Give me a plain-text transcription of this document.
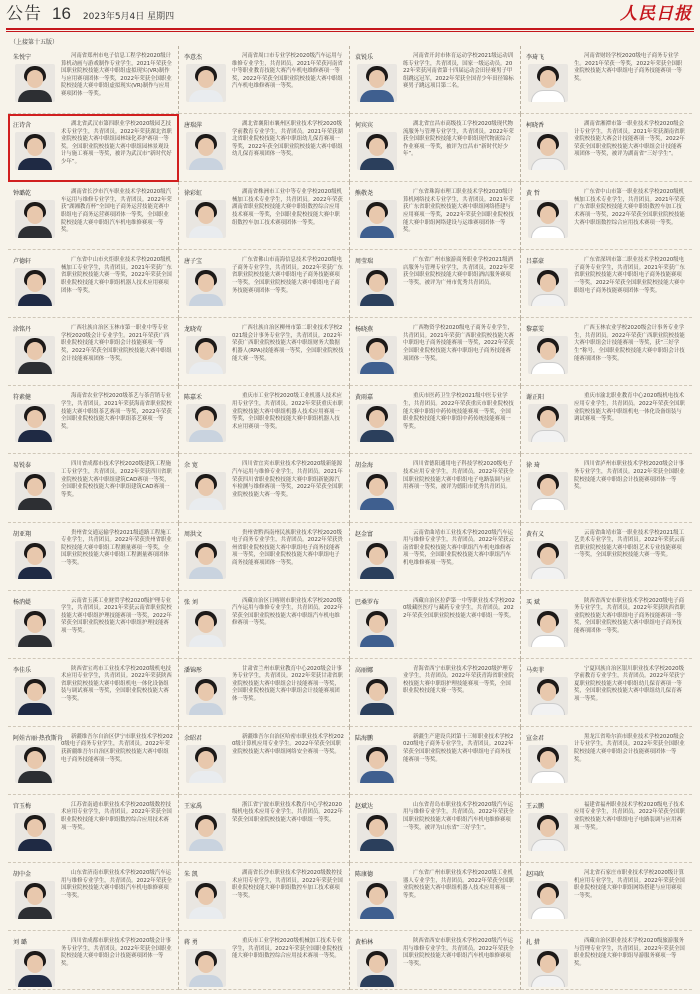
公告 16 2023年5月4日 星期四	人民日报
（上接第十五版）
朱悦宁	河南省郑州市电子信息工程学校2020级计算机动画与游戏制作专业学生，2021年荣获全国职业院校技能大赛中职组虚拟现实(VR)制作与应用赛项团体一等奖，2022年荣获全国职业院校技能大赛中职组虚拟现实(VR)制作与应用赛项团体一等奖。
李意杰	河南省周口市专业学校2020级汽车运用与维修专业学生，共青团员。2021年荣获河南省中等职业教育技能大赛汽车机电维修赛项一等奖，2022年荣获全国职业院校技能大赛中职组汽车机电维修赛项一等奖。
袁锐乐	河南省开封市体育运动学校2021级运动训练专业学生，共青团员，国家一级运动员。2022年荣获河南省第十四届运动会田径赛男子甲组跳远冠军，2022年荣获全国青少年田径锦标赛男子跳远项目第二名。
李琦飞	河南省财经学校2020级电子商务专业学生。2021年荣获一等奖，2022年荣获全国职业院校技能大赛中职组电子商务技能赛项一等奖。
汪诗含	湖北省武汉市第四职业学校2020级园艺技术专业学生，共青团员。2022年荣获湖北省职业院校技能大赛中职组园林绿化养护赛项一等奖。全国职业院校技能大赛中职组园林景观设计与施工赛项一等奖，被评为武汉市“新时代好少年”。
唐瑞萍	湖北省襄阳市襄州区职业技术学校2020级学前教育专业学生，共青团员。2021年荣获湖北省职业院校技能大赛中职组幼儿保育赛项一等奖，2022年获全国职业院校技能大赛中职组幼儿保育赛项团体一等奖。
何宾宾	湖北省宜昌市高级技工学校2020级现代物流服务与管理专业学生，共青团员。2022年荣获全国职业院校技能大赛中职组现代物流综合作业赛项一等奖，被评为宜昌市“新时代好少年”。
柯晓香	湖南省湘潭市第一职业技术学校2020级会计专业学生，共青团员。2021年荣获湖南省职业院校技能大赛会计技能赛项一等奖，2022年荣获全国职业院校技能大赛中职组会计技能赛项团体一等奖，被评为湖南省“三好学生”。
钟璐乾	湖南省长沙市汽车职业技术学校2020级汽车运用与维修专业学生，共青团员。2022年荣获“湖湘教育杯”全国电子商务运营技能竞赛中职组电子商务运营赛项团体一等奖，全国职业院校技能大赛中职组汽车机电维修赛项一等奖。
徐彩虹	湖南省株洲市工业中等专业学校2020级机械加工技术专业学生，共青团员。2022年荣获湖南省职业院校技能大赛中职组数控综合应用技术赛项一等奖，全国职业院校技能大赛中职组数控车加工技术赛项团体一等奖。
熊敬尧	广东省珠海市理工职业技术学校2020级计算机网络技术专业学生，共青团员。2021年荣获广东省职业院校技能大赛中职组网络搭建与应用赛项一等奖，2022年荣获全国职业院校技能大赛中职组网络建设与运维赛项团体一等奖。
黄 哲	广东省中山市第一职业技术学校2020级机械加工技术专业学生，共青团员。2021年荣获广东省职业院校技能大赛中职组数控车加工技术赛项一等奖，2022年荣获全国职业院校技能大赛中职组数控综合应用技术赛项一等奖。
卢德轩	广东省中山市火炬职业技术学校2020级机械加工专业学生，共青团员。2021年荣获广东省职业院校技能大赛一等奖，2022年荣获全国职业院校技能大赛中职组机器人技术应用赛项团体一等奖。
唐子宝	广东省佛山市南海信息技术学校2020级电子商务专业学生，共青团员。2022年荣获广东省职业院校技能大赛中职组电子商务技能赛项一等奖，全国职业院校技能大赛中职组电子商务技能赛项团体一等奖。
周莹瑞	广东省广州市旅游商务职业学校2021级酒店服务与管理专业学生，共青团员。2022年荣获全国职业院校技能大赛中职组酒店服务赛项一等奖，被评为广州市优秀共青团员。
吕嘉豪	广东省深圳市第二职业技术学校2020级电子商务专业学生，共青团员。2021年荣获广东省职业院校技能大赛中职组电子商务技能赛项一等奖，2022年荣获全国职业院校技能大赛中职组电子商务技能赛项团体一等奖。
涂铭丹	广西壮族自治区玉林市第一职业中等专业学校2020级会计专业学生。2021年荣获广西职业院校技能大赛中职组会计技能赛项一等奖，2022年荣获全国职业院校技能大赛中职组会计技能赛项团体一等奖。
龙晓莺	广西壮族自治区柳州市第二职业技术学校2021级会计事务专业学生，共青团员。2022年荣获广西职业院校技能大赛中职组财务大数据机器人(RPA)技能赛项一等奖，全国职业院校技能大赛一等奖。
杨晓燕	广西物资学校2020级电子商务专业学生，共青团员。2021年荣获广西职业院校技能大赛中职组电子商务技能赛项一等奖，2022年荣获全国职业院校技能大赛中职组电子商务技能赛项团体一等奖。
黎嘉雯	广西玉林农业学校2020级会计事务专业学生，共青团员。2022年荣获广西职业院校技能大赛中职组会计技能赛项一等奖，获“三好学生”称号，全国职业院校技能大赛中职组会计技能赛项团体一等奖。
符素健	海南省农业学校2020级茶艺与茶营销专业学生，共青团员。2021年荣获海南省职业院校技能大赛中职组茶艺赛项一等奖，2022年荣获全国职业院校技能大赛中职组茶艺赛项一等奖。
陈嘉禾	重庆市工业学校2020级工业机器人技术应用专业学生，共青团员。2022年荣获重庆市职业院校技能大赛中职组机器人技术应用赛项一等奖，全国职业院校技能大赛中职组机器人技术应用赛项一等奖。
黄雨嘉	重庆市医药卫生学校2021级中医专业学生，共青团员。2022年荣获重庆市职业院校技能大赛中职组中药传统技能赛项一等奖，全国职业院校技能大赛中职组中药传统技能赛项一等奖。
谢正阳	重庆市渝北职业教育中心2020级机电技术应用专业学生，共青团员。2022年荣获全国职业院校技能大赛中职组机电一体化设备组装与调试赛项一等奖。
易锐泰	四川省成都市技术学校2020级建筑工程施工专业学生，共青团员。2022年荣获四川省职业院校技能大赛中职组建筑CAD赛项一等奖，全国职业院校技能大赛中职组建筑CAD赛项一等奖。
余 宽	四川省宜宾市职业技术学校2020级新能源汽车运用与维修专业学生，共青团员。2021年荣获四川省职业院校技能大赛中职组新能源汽车检测与维修赛项一等奖，2022年荣获全国职业院校技能大赛一等奖。
胡金海	四川省德阳通用电子科技学校2020级电子技术应用专业学生，共青团员。2022年荣获全国职业院校技能大赛中职组电子电路装调与应用赛项一等奖，被评为德阳市优秀共青团员。
徐 琦	四川省泸州市职业技术学校2020级会计事务专业学生，共青团员。2022年荣获全国职业院校技能大赛中职组会计技能赛项团体一等奖。
胡亚翔	贵州省交通运输学校2021级道路工程施工专业学生，共青团员。2022年荣获贵州省职业院校技能大赛中职组工程测量赛项一等奖，全国职业院校技能大赛中职组工程测量赛项团体一等奖。
周洪文	贵州省黔西南州民族职业技术学校2020级电子商务专业学生，共青团员。2022年荣获贵州省职业院校技能大赛中职组电子商务技能赛项一等奖，全国职业院校技能大赛中职组电子商务技能赛项团体一等奖。
赵金富	云南省曲靖市工业技术学校2020级汽车运用与维修专业学生，共青团员。2022年荣获云南省职业院校技能大赛中职组汽车机电维修赛项一等奖，全国职业院校技能大赛中职组汽车机电维修赛项一等奖。
黄有义	云南省曲靖市第一职业技术学校2021级工艺美术专业学生，共青团员。2022年荣获云南省职业院校技能大赛中职组艺术专业技能赛项一等奖，全国职业院校技能大赛一等奖。
杨汭媞	云南省玉溪工业财贸学校2020级护理专业学生，共青团员。2021年荣获云南省职业院校技能大赛中职组护理技能赛项一等奖，2022年荣获全国职业院校技能大赛中职组护理技能赛项一等奖。
张 刘	西藏自治区日喀则市职业技术学校2020级汽车运用与维修专业学生，共青团员。2022年荣获全国职业院校技能大赛中职组汽车机电维修赛项一等奖。
巴桑罗布	西藏自治区拉萨第一中等职业技术学校2020级藏医医疗与藏药专业学生，共青团员。2022年荣获全国职业院校技能大赛中职组一等奖。
买 斌	陕西省西安市职业技术学校2020级电子商务专业学生，共青团员。2022年荣获陕西省职业院校技能大赛中职组电子商务技能赛项一等奖，全国职业院校技能大赛中职组电子商务技能赛项团体一等奖。
李佳乐	陕西省宝鸡市工业技术学校2020级机电技术应用专业学生，共青团员。2022年荣获陕西省职业院校技能大赛中职组机电一体化设备组装与调试赛项一等奖，全国职业院校技能大赛一等奖。
潘锦彤	甘肃省兰州市职业教育中心2020级会计事务专业学生，共青团员。2022年荣获甘肃省职业院校技能大赛中职组会计技能赛项一等奖，全国职业院校技能大赛中职组会计技能赛项团体一等奖。
高丽娜	青海省西宁市职业技术学校2020级护理专业学生，共青团员。2022年荣获青海省职业院校技能大赛中职组护理技能赛项一等奖，全国职业院校技能大赛一等奖。
马奕菲	宁夏回族自治区银川职业技术学校2020级学前教育专业学生，共青团员。2022年荣获宁夏职业院校技能大赛中职组幼儿保育赛项一等奖，全国职业院校技能大赛中职组幼儿保育赛项一等奖。
阿娃古丽·热孜斯肯	新疆维吾尔自治区伊宁市职业技术学校2020级电子商务专业学生，共青团员。2022年荣获新疆维吾尔自治区职业院校技能大赛中职组电子商务技能赛项一等奖。
余昭君	新疆维吾尔自治区哈密市职业技术学校2020级计算机应用专业学生。2022年荣获全国职业院校技能大赛中职组网络安全赛项一等奖。
陆海鹏	新疆生产建设兵团第十三师职业技术学校2020级电子商务专业学生，共青团员。2022年荣获全国职业院校技能大赛中职组电子商务技能赛项一等奖。
宣金君	黑龙江省哈尔滨市职业技术学校2020级会计专业学生，共青团员。2022年荣获全国职业院校技能大赛中职组会计技能赛项团体一等奖。
宫玉梅	江苏省南通市职业技术学校2020级数控技术应用专业学生，共青团员。2022年荣获全国职业院校技能大赛中职组数控综合应用技术赛项一等奖。
王家禹	浙江省宁波市职业技术教育中心学校2020级机电技术应用专业学生，共青团员。2022年荣获全国职业院校技能大赛中职组一等奖。
赵斌达	山东省青岛市职业技术学校2020级汽车运用与维修专业学生，共青团员。2022年荣获全国职业院校技能大赛中职组汽车机电维修赛项一等奖，被评为山东省“三好学生”。
王云鹏	福建省福州职业技术学校2020级电子技术应用专业学生，共青团员。2022年荣获全国职业院校技能大赛中职组电子电路装调与应用赛项一等奖。
胡中金	山东省济南市职业技术学校2020级汽车运用与维修专业学生，共青团员。2022年荣获全国职业院校技能大赛中职组汽车机电维修赛项一等奖。
朱 凯	湖南省长沙市职业技术学校2020级数控技术应用专业学生，共青团员。2022年荣获全国职业院校技能大赛中职组数控车加工技术赛项一等奖。
陈康德	广东省广州市职业技术学校2020级工业机器人专业学生，共青团员。2022年荣获全国职业院校技能大赛中职组机器人技术应用赛项一等奖。
赵国政	河北省石家庄市职业技术学校2020级计算机应用专业学生，共青团员。2022年荣获全国职业院校技能大赛中职组网络搭建与应用赛项一等奖。
刘 璐	四川省成都市职业技术学校2020级会计事务专业学生，共青团员。2022年荣获全国职业院校技能大赛中职组会计技能赛项团体一等奖。
蒋 勇	重庆市工业学校2020级机械加工技术专业学生，共青团员。2022年荣获全国职业院校技能大赛中职组数控综合应用技术赛项一等奖。
黄柏林	陕西省西安市职业技术学校2020级汽车运用与维修专业学生，共青团员。2022年荣获全国职业院校技能大赛中职组汽车机电维修赛项一等奖。
扎 措	西藏自治区职业技术学校2020级旅游服务与管理专业学生，共青团员。2022年荣获全国职业院校技能大赛中职组导游服务赛项一等奖。
